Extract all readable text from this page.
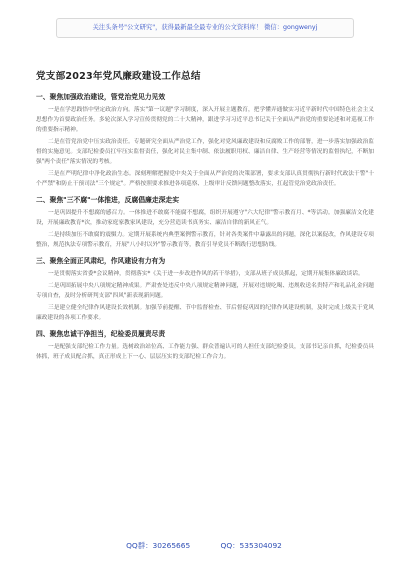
关注头条号"公文研究"，获得最新最全最专业的公文资料库！ 微信：gongwenyj
党支部2023年党风廉政建设工作总结
一、聚焦加强政治建设，管党治党见力见效

一是在学思践悟中坚定政治方向。落实"第一议题"学习制度，深入开展主题教育，把学懂弄通做实习近平新时代中国特色社会主义思想作为首要政治任务。多轮次深入学习宣传贯彻党的二十大精神，跟进学习习近平总书记关于全面从严治党的重要论述和对巡视工作的重要指示精神。

二是在管党治党中压实政治责任。专题研究全面从严治党工作，强化对党风廉政建设和反腐败工作的部署，进一步落实加强政治监督的实施意见。支部纪检委员扛牢压实监督责任，强化对民主集中制、依法履职用权、廉洁自律、生产经营等情况的监督执纪，不断加强"两个责任"落实情况的考核。

三是在严明纪律中净化政治生态。深刻理解把握党中央关于全面从严治党的决策部署，要求支部认真贯彻执行新时代政法干警"十个严禁"和防止干预司法"三个规定"。严格按照要求推进各项巡察、上级审计反馈问题整改落实，扛起管党治党政治责任。

二、聚焦"三不腐"一体推进，反腐倡廉走深走实

一是巩固提升不想腐的感召力。一体推进不敢腐不能腐不想腐，组织开展遵守"六大纪律"警示教育月、*等活动。加强廉洁文化建设，开展廉政教育*次，推动家庭家教家风建设，充分营造读书真务实、廉洁自律的新风正气。

二是持续加压不敢腐的震慑力。定期开展系统内典型案例警示教育，针对各类案件中暴露出的问题，深化以案促改，作风建设专项整治，规范执法专项警示教育，开展"八小时以外"警示教育等，教育引导党员不断践行思想防线。

三、聚焦全面正风肃纪，作风建设有力有为

一是贯彻落实省委*会议精神，贯彻落实*《关于进一步改进作风的若干举措》，支部从班子成员抓起，定期开展集体廉政谈话。

二是巩固拓展中央八项规定精神成果。严肃查处违反中央八项规定精神问题，开展对违规吃喝、违规收送名贵特产和礼品礼金问题专项自查，及时分析研判支部"四风"新表现新问题。

三是建立健全纪律作风建设长效机制。加强节前提醒、节中监督检查、节后督促巩固的纪律作风建设机制，及时完成上级关于党风廉政建设的各项工作要求。

四、聚焦忠诚干净担当，纪检委员履责尽责

一是配强支部纪检工作力量。选树政治站位高、工作能力强、群众普遍认可的人担任支部纪检委员，支部书记亲自抓，纪检委员具体抓，班子成员配合抓，真正形成上下一心、层层压实的支部纪检工作合力。

QQ群：30265665	QQ：535304092
